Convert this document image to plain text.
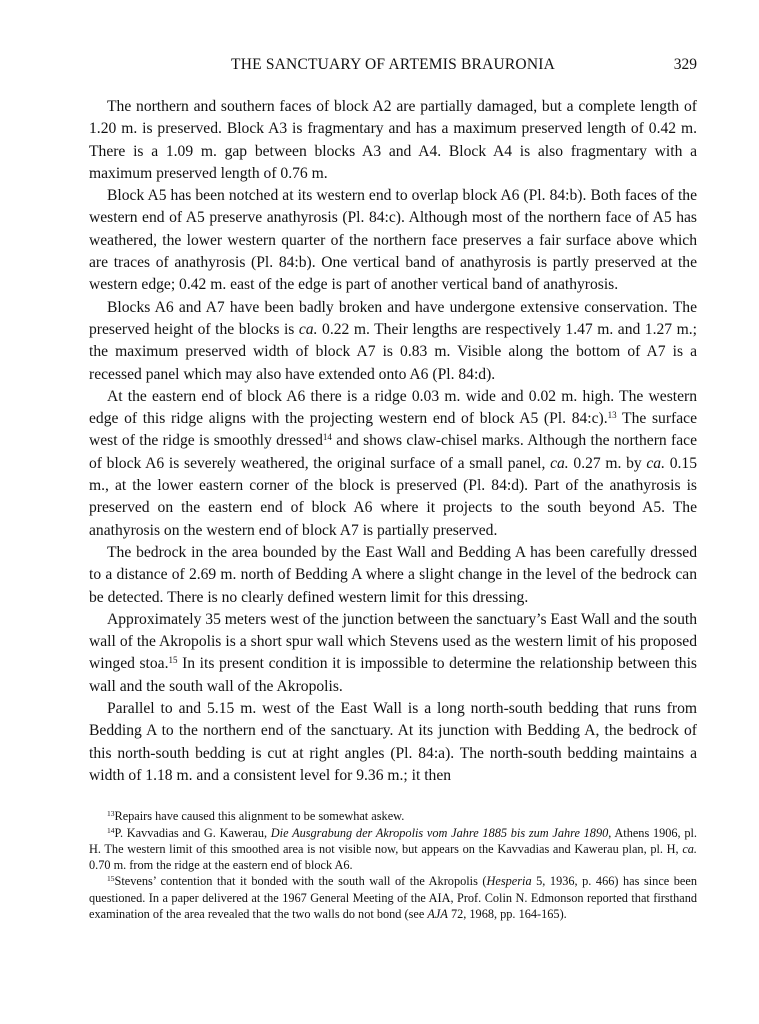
THE SANCTUARY OF ARTEMIS BRAURONIA	329

The northern and southern faces of block A2 are partially damaged, but a complete length of 1.20 m. is preserved. Block A3 is fragmentary and has a maximum preserved length of 0.42 m. There is a 1.09 m. gap between blocks A3 and A4. Block A4 is also fragmentary with a maximum preserved length of 0.76 m.

Block A5 has been notched at its western end to overlap block A6 (Pl. 84:b). Both faces of the western end of A5 preserve anathyrosis (Pl. 84:c). Although most of the northern face of A5 has weathered, the lower western quarter of the northern face preserves a fair surface above which are traces of anathyrosis (Pl. 84:b). One vertical band of anathyrosis is partly preserved at the western edge; 0.42 m. east of the edge is part of another vertical band of anathyrosis.

Blocks A6 and A7 have been badly broken and have undergone extensive conservation. The preserved height of the blocks is ca. 0.22 m. Their lengths are respectively 1.47 m. and 1.27 m.; the maximum preserved width of block A7 is 0.83 m. Visible along the bottom of A7 is a recessed panel which may also have extended onto A6 (Pl. 84:d).

At the eastern end of block A6 there is a ridge 0.03 m. wide and 0.02 m. high. The western edge of this ridge aligns with the projecting western end of block A5 (Pl. 84:c).$^{13}$ The surface west of the ridge is smoothly dressed$^{14}$ and shows claw-chisel marks. Although the northern face of block A6 is severely weathered, the original surface of a small panel, ca. 0.27 m. by ca. 0.15 m., at the lower eastern corner of the block is preserved (Pl. 84:d). Part of the anathyrosis is preserved on the eastern end of block A6 where it projects to the south beyond A5. The anathyrosis on the western end of block A7 is partially preserved.

The bedrock in the area bounded by the East Wall and Bedding A has been carefully dressed to a distance of 2.69 m. north of Bedding A where a slight change in the level of the bedrock can be detected. There is no clearly defined western limit for this dressing.

Approximately 35 meters west of the junction between the sanctuary’s East Wall and the south wall of the Akropolis is a short spur wall which Stevens used as the western limit of his proposed winged stoa.$^{15}$ In its present condition it is impossible to determine the relationship between this wall and the south wall of the Akropolis.

Parallel to and 5.15 m. west of the East Wall is a long north-south bedding that runs from Bedding A to the northern end of the sanctuary. At its junction with Bedding A, the bedrock of this north-south bedding is cut at right angles (Pl. 84:a). The north-south bedding maintains a width of 1.18 m. and a consistent level for 9.36 m.; it then

$^{13}$Repairs have caused this alignment to be somewhat askew.

$^{14}$P. Kavvadias and G. Kawerau, Die Ausgrabung der Akropolis vom Jahre 1885 bis zum Jahre 1890, Athens 1906, pl. H. The western limit of this smoothed area is not visible now, but appears on the Kavvadias and Kawerau plan, pl. H, ca. 0.70 m. from the ridge at the eastern end of block A6.

$^{15}$Stevens’ contention that it bonded with the south wall of the Akropolis (Hesperia 5, 1936, p. 466) has since been questioned. In a paper delivered at the 1967 General Meeting of the AIA, Prof. Colin N. Edmonson reported that firsthand examination of the area revealed that the two walls do not bond (see AJA 72, 1968, pp. 164-165).
